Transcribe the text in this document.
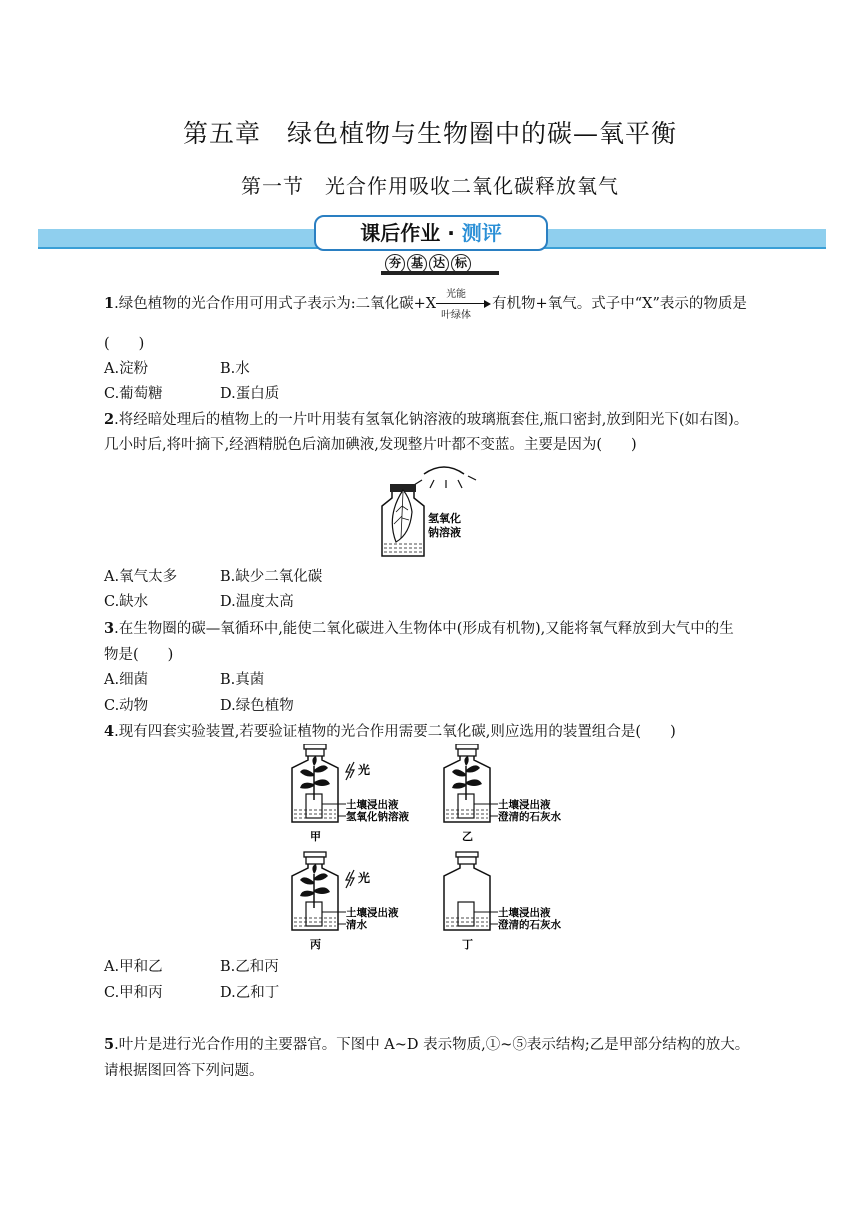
第五章　绿色植物与生物圈中的碳—氧平衡
第一节　光合作用吸收二氧化碳释放氧气
课后作业 · 测评
夯 基 达 标
1.绿色植物的光合作用可用式子表示为:二氧化碳+X
光能
叶绿体
有机物+氧气。式子中“X”表示的物质是
(　　)
A.淀粉	B.水
C.葡萄糖	D.蛋白质
2.将经暗处理后的植物上的一片叶用装有氢氧化钠溶液的玻璃瓶套住,瓶口密封,放到阳光下(如右图)。
几小时后,将叶摘下,经酒精脱色后滴加碘液,发现整片叶都不变蓝。主要是因为(　　)
氢氧化
钠溶液
A.氧气太多	B.缺少二氧化碳
C.缺水	D.温度太高
3.在生物圈的碳—氧循环中,能使二氧化碳进入生物体中(形成有机物),又能将氧气释放到大气中的生
物是(　　)
A.细菌	B.真菌
C.动物	D.绿色植物
4.现有四套实验装置,若要验证植物的光合作用需要二氧化碳,则应选用的装置组合是(　　)
光
土壤浸出液
氢氧化钠溶液
甲
土壤浸出液
澄清的石灰水
乙
光
土壤浸出液
清水
丙
土壤浸出液
澄清的石灰水
丁
A.甲和乙	B.乙和丙
C.甲和丙	D.乙和丁
5.叶片是进行光合作用的主要器官。下图中 A~D 表示物质,①~⑤表示结构;乙是甲部分结构的放大。
请根据图回答下列问题。
